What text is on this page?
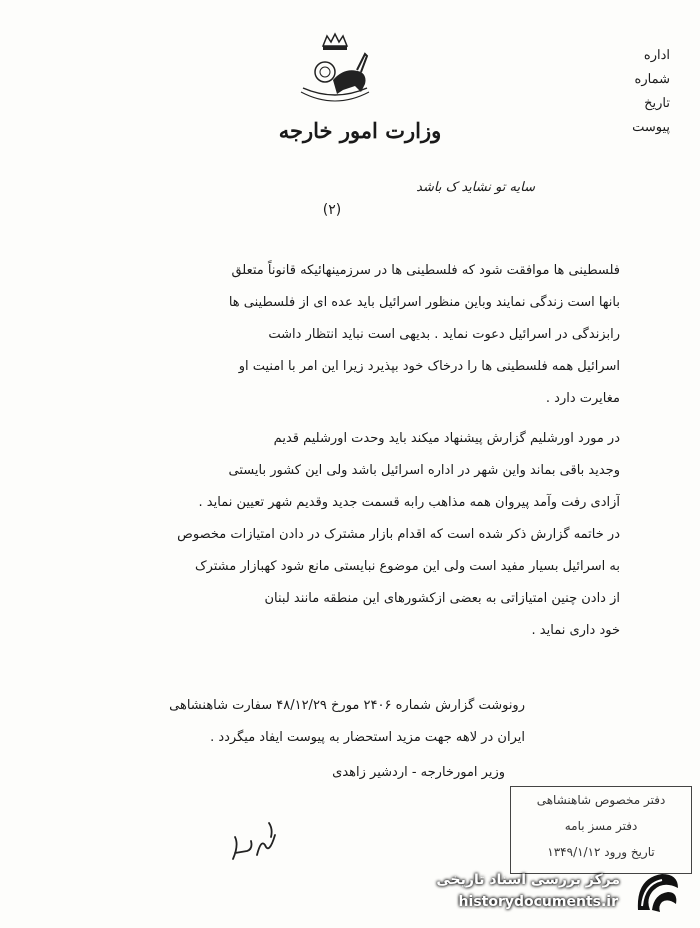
وزارت امور خارجه
اداره
شماره
تاریخ
پیوست
سایه تو نشاید ک باشد
(۲)
فلسطینی ها موافقت شود که فلسطینی ها در سرزمینهائیکه قانوناً متعلق
بانها است زندگی نمایند وباین منظور اسرائیل باید عده ای از فلسطینی ها
رابزندگی در اسرائیل دعوت نماید . بدیهی است نباید انتظار داشت
اسرائیل همه فلسطینی ها را درخاک خود بپذیرد زیرا این امر با امنیت او
مغایرت دارد .
در مورد اورشلیم گزارش پیشنهاد میکند باید وحدت اورشلیم قدیم
وجدید باقی بماند واین شهر در اداره اسرائیل باشد ولی این کشور بایستی
آزادی رفت وآمد پیروان همه مذاهب رابه قسمت جدید وقدیم شهر تعیین نماید .
در خاتمه گزارش ذکر شده است که اقدام بازار مشترک در دادن امتیازات مخصوص
به اسرائیل بسیار مفید است ولی این موضوع نبایستی مانع شود کهبازار مشترک
از دادن چنین امتیازاتی به بعضی ازکشورهای این منطقه مانند لبنان
خود داری نماید .
رونوشت گزارش شماره ۲۴۰۶ مورخ ۴۸/۱۲/۲۹ سفارت شاهنشاهی
ایران در لاهه جهت مزید استحضار به پیوست ایفاد میگردد .
وزیر امورخارجه - اردشیر زاهدی
دفتر مخصوص شاهنشاهی
دفتر مسز بامه
تاریخ ورود ۱۳۴۹/۱/۱۲
مرکز بررسی اسناد تاریخی
historydocuments.ir
